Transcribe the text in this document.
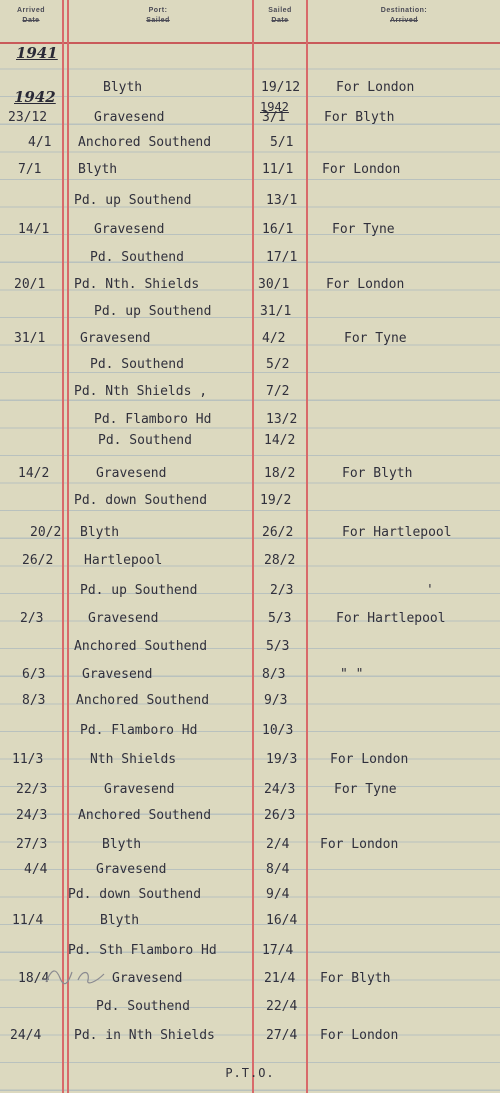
Arrived
Date
Port:
Sailed
Sailed
Date
Destination:
Arrived
1941
1942
1942
Blyth	19/12	For London
23/12	Gravesend	3/1	For Blyth
4/1 Anchored Southend	5/1
7/1	Blyth	11/1 For London
Pd. up Southend	13/1
14/1	Gravesend	16/1	For Tyne
Pd. Southend	17/1
20/1 Pd. Nth. Shields	30/1	For London
Pd. up Southend	31/1
31/1	Gravesend	4/2	For Tyne
Pd. Southend	5/2
Pd. Nth Shields ,	7/2
Pd. Flamboro Hd	13/2
Pd. Southend	14/2
14/2	Gravesend	18/2	For Blyth
Pd. down Southend	19/2
20/2 Blyth	26/2	For Hartlepool
26/2 Hartlepool	28/2
Pd. up Southend	2/3	'
2/3	Gravesend	5/3	For Hartlepool
Anchored Southend	5/3
6/3	Gravesend	8/3	" "
8/3 Anchored Southend	9/3
Pd. Flamboro Hd	10/3
11/3	Nth Shields	19/3	For London
22/3	Gravesend	24/3	For Tyne
24/3 Anchored Southend	26/3
27/3	Blyth	2/4 For London
4/4	Gravesend	8/4
Pd. down Southend	9/4
11/4	Blyth	16/4
Pd. Sth Flamboro Hd	17/4
18/4	Gravesend	21/4 For Blyth
Pd. Southend	22/4
24/4	Pd. in Nth Shields	27/4 For London
P.T.O.
